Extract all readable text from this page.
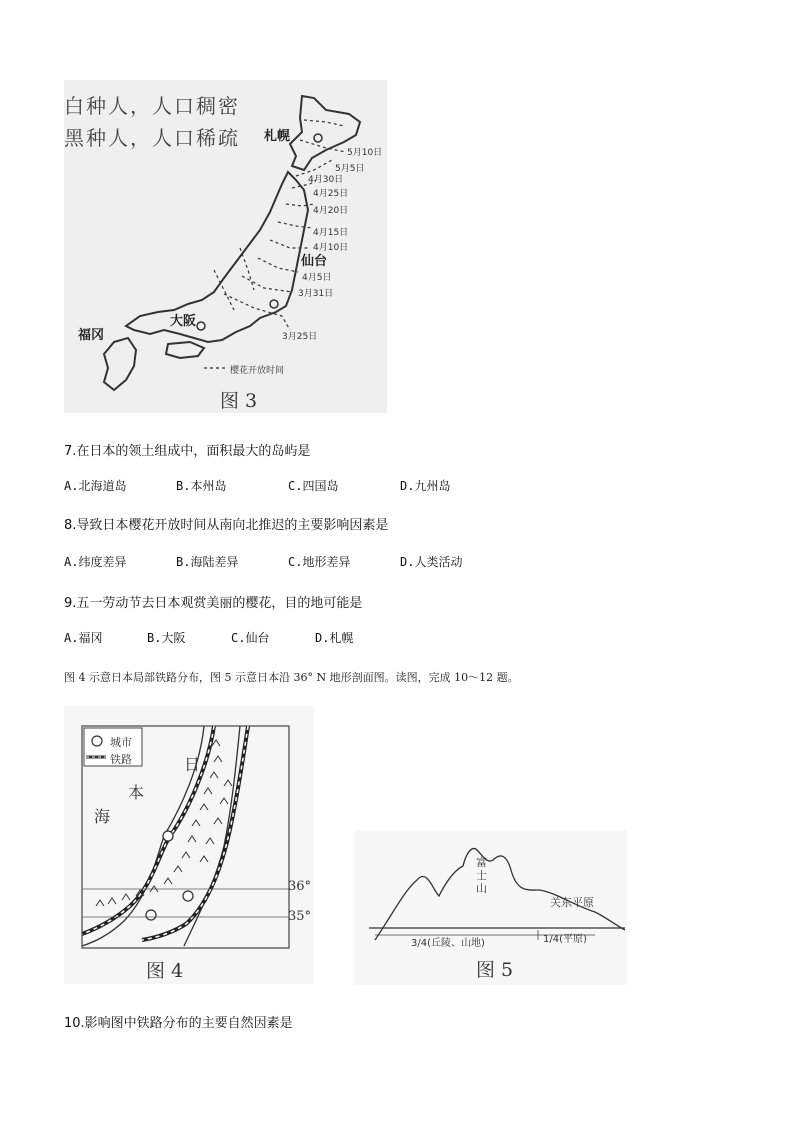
白种人，人口稠密
黑种人，人口稀疏 札幌
仙台
大阪
福冈
5月10日
5月5日
4月30日
4月25日
4月20日
4月15日
4月10日
4月5日
3月31日
3月25日
樱花开放时间
图 3
7.在日本的领土组成中，面积最大的岛屿是
A.北海道岛	B.本州岛	C.四国岛	D.九州岛
8.导致日本樱花开放时间从南向北推迟的主要影响因素是
A.纬度差异	B.海陆差异	C.地形差异	D.人类活动
9.五一劳动节去日本观赏美丽的樱花，目的地可能是
A.福冈	B.大阪	C.仙台	D.札幌
图 4 示意日本局部铁路分布，图 5 示意日本沿 36° N 地形剖面图。读图，完成 10～12 题。
城市
铁路	日
本
海
36°
35°
图 4
富
士
山
关东平原
3/4(丘陵、山地)	1/4(平原)
图 5
10.影响图中铁路分布的主要自然因素是
